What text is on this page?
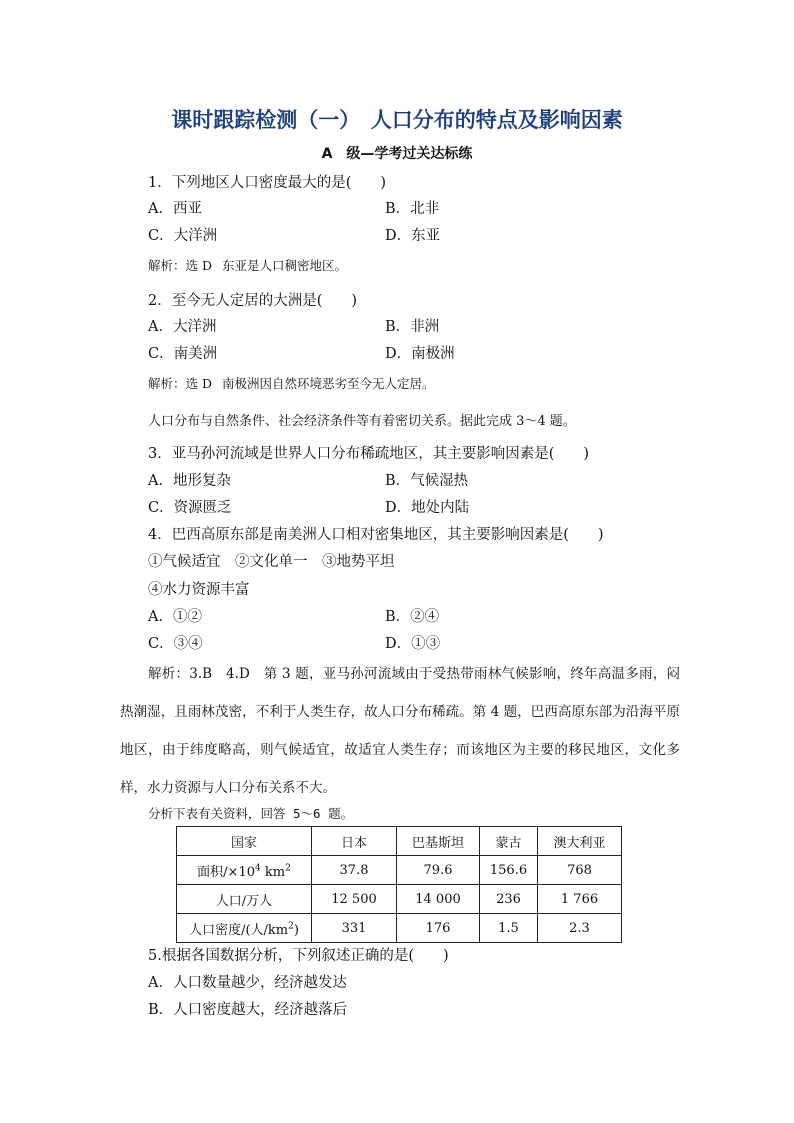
课时跟踪检测（一）　人口分布的特点及影响因素
A　级—学考过关达标练
1．下列地区人口密度最大的是(　　)
A．西亚	B．北非
C．大洋洲	D．东亚
解析：选 D 东亚是人口稠密地区。
2．至今无人定居的大洲是(　　)
A．大洋洲	B．非洲
C．南美洲	D．南极洲
解析：选 D 南极洲因自然环境恶劣至今无人定居。
人口分布与自然条件、社会经济条件等有着密切关系。据此完成 3～4 题。
3．亚马孙河流域是世界人口分布稀疏地区，其主要影响因素是(　　)
A．地形复杂	B．气候湿热
C．资源匮乏	D．地处内陆
4．巴西高原东部是南美洲人口相对密集地区，其主要影响因素是(　　)
①气候适宜　②文化单一　③地势平坦
④水力资源丰富
A．①②	B．②④
C．③④	D．①③
解析：3.B　4.D　第 3 题，亚马孙河流域由于受热带雨林气候影响，终年高温多雨，闷热潮湿，且雨林茂密，不利于人类生存，故人口分布稀疏。第 4 题，巴西高原东部为沿海平原地区，由于纬度略高，则气候适宜，故适宜人类生存；而该地区为主要的移民地区，文化多样，水力资源与人口分布关系不大。
分析下表有关资料，回答 5～6 题。
国家	日本	巴基斯坦	蒙古	澳大利亚
面积$/\times 10^4$ $km^2$	37.8	79.6	156.6	768
人口/万人	12 500	14 000	236	1 766
人口密度/(人$/km^2$)	331	176	1.5	2.3
5.根据各国数据分析，下列叙述正确的是(　　)
A．人口数量越少，经济越发达
B．人口密度越大，经济越落后
